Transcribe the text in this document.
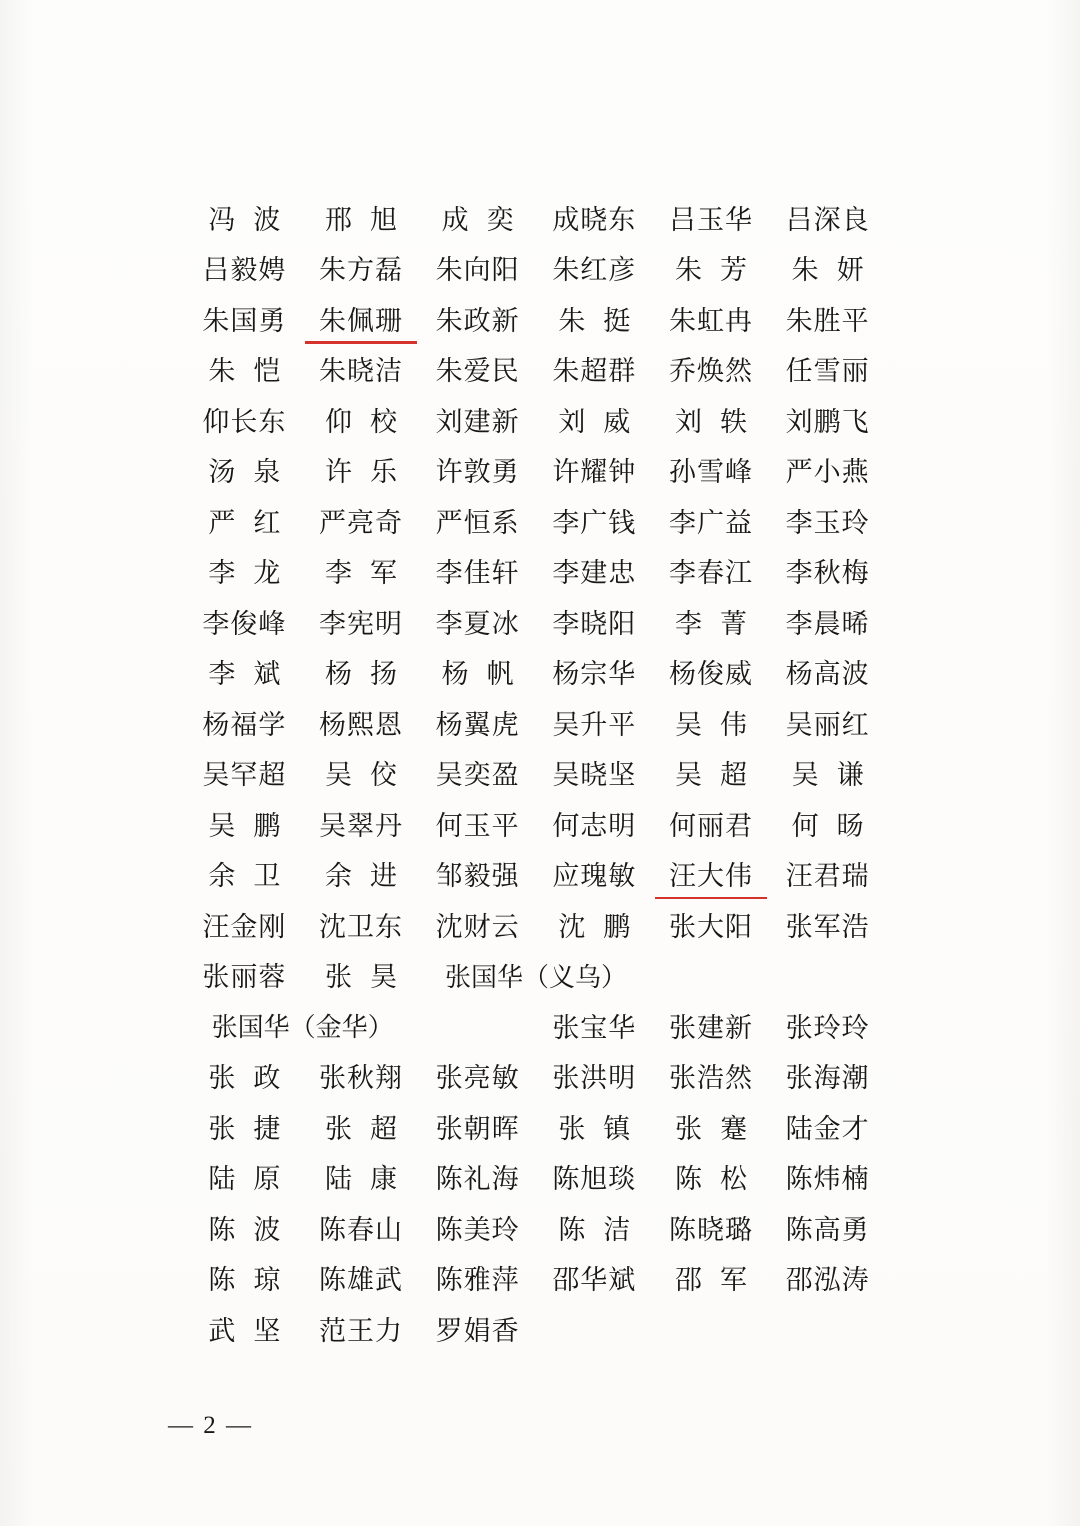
冯波 邢旭 成奕 成晓东 吕玉华 吕深良
吕毅娉 朱方磊 朱向阳 朱红彦	朱芳 朱妍
朱国勇 朱佩珊 朱政新	朱挺 朱虹冉 朱胜平
朱恺 朱晓洁 朱爱民 朱超群 乔焕然 任雪丽
仰长东	仰校 刘建新	刘威 刘轶 刘鹏飞
汤泉 许乐 许敦勇 许耀钟 孙雪峰 严小燕
严红 严亮奇 严恒系 李广钱 李广益 李玉玲
李龙 李军 李佳轩 李建忠 李春江 李秋梅
李俊峰 李宪明 李夏冰 李晓阳	李菁 李晨晞
李斌 杨扬 杨帆 杨宗华 杨俊威 杨高波
杨福学 杨熙恩 杨翼虎 吴升平	吴伟 吴丽红
吴罕超	吴佼 吴奕盈 吴晓坚	吴超 吴谦
吴鹏 吴翠丹 何玉平 何志明 何丽君	何旸
余卫 余进 邹毅强 应瑰敏 汪大伟 汪君瑞
汪金刚 沈卫东 沈财云	沈鹏 张大阳 张军浩
张丽蓉	张昊 张国华（义乌）
张国华（金华）	张宝华 张建新 张玲玲
张政 张秋翔 张亮敏 张洪明 张浩然 张海潮
张捷 张超 张朝晖	张镇 张蹇 陆金才
陆原 陆康 陈礼海 陈旭琰	陈松 陈炜楠
陈波 陈春山 陈美玲	陈洁 陈晓璐 陈高勇
陈琼 陈雄武 陈雅萍 邵华斌	邵军 邵泓涛
武坚 范王力 罗娟香
— 2 —
